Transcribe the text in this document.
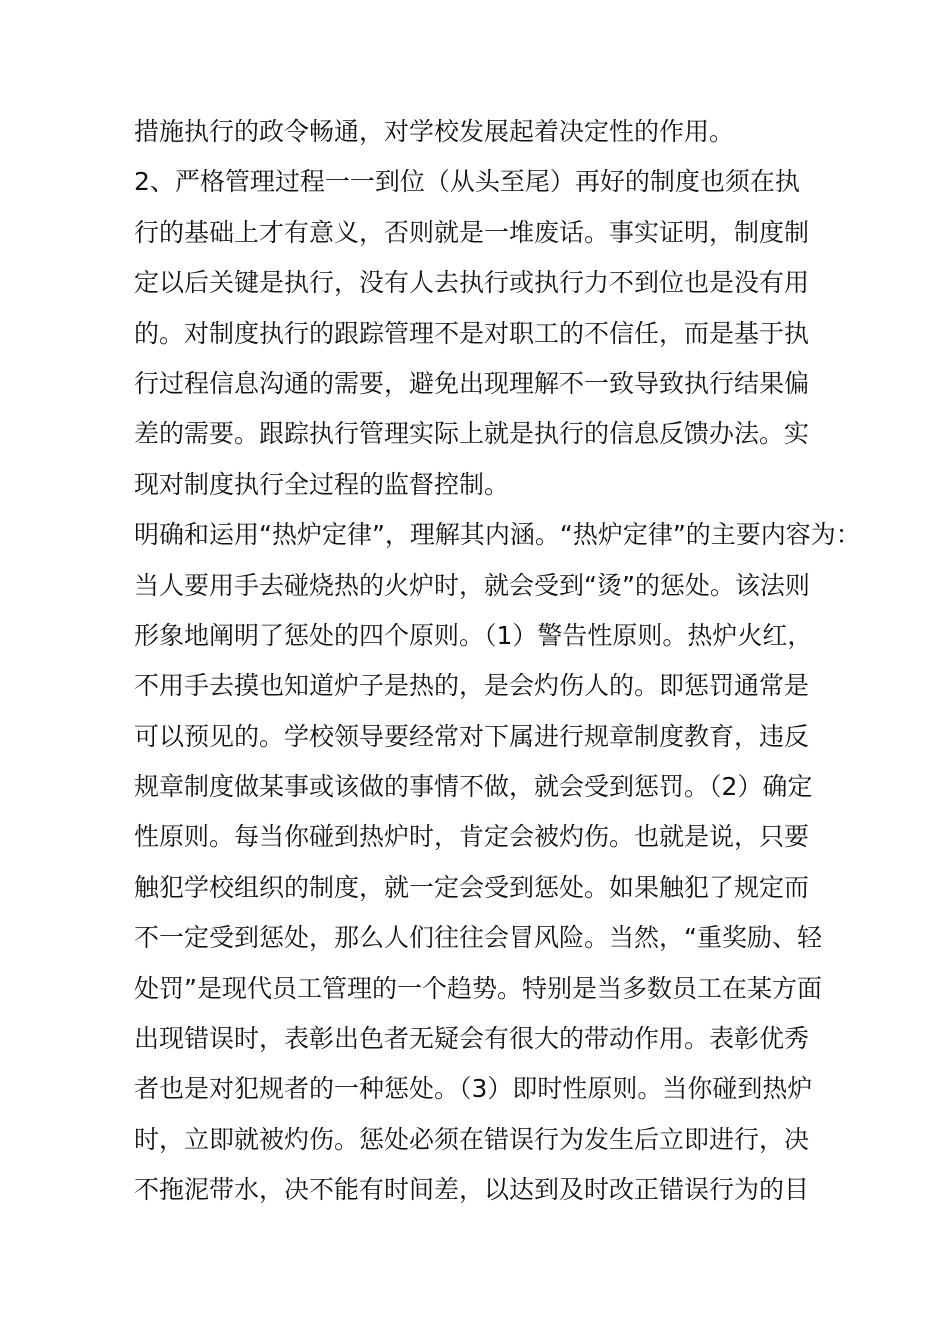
措施执行的政令畅通，对学校发展起着决定性的作用。
2、严格管理过程一一到位（从头至尾）再好的制度也须在执
行的基础上才有意义，否则就是一堆废话。事实证明，制度制
定以后关键是执行，没有人去执行或执行力不到位也是没有用
的。对制度执行的跟踪管理不是对职工的不信任，而是基于执
行过程信息沟通的需要，避免出现理解不一致导致执行结果偏
差的需要。跟踪执行管理实际上就是执行的信息反馈办法。实
现对制度执行全过程的监督控制。
明确和运用“热炉定律”，理解其内涵。“热炉定律”的主要内容为：
当人要用手去碰烧热的火炉时，就会受到“烫”的惩处。该法则
形象地阐明了惩处的四个原则。（1）警告性原则。热炉火红，
不用手去摸也知道炉子是热的，是会灼伤人的。即惩罚通常是
可以预见的。学校领导要经常对下属进行规章制度教育，违反
规章制度做某事或该做的事情不做，就会受到惩罚。（2）确定
性原则。每当你碰到热炉时，肯定会被灼伤。也就是说，只要
触犯学校组织的制度，就一定会受到惩处。如果触犯了规定而
不一定受到惩处，那么人们往往会冒风险。当然，“重奖励、轻
处罚”是现代员工管理的一个趋势。特别是当多数员工在某方面
出现错误时，表彰出色者无疑会有很大的带动作用。表彰优秀
者也是对犯规者的一种惩处。（3）即时性原则。当你碰到热炉
时，立即就被灼伤。惩处必须在错误行为发生后立即进行，决
不拖泥带水，决不能有时间差，以达到及时改正错误行为的目
